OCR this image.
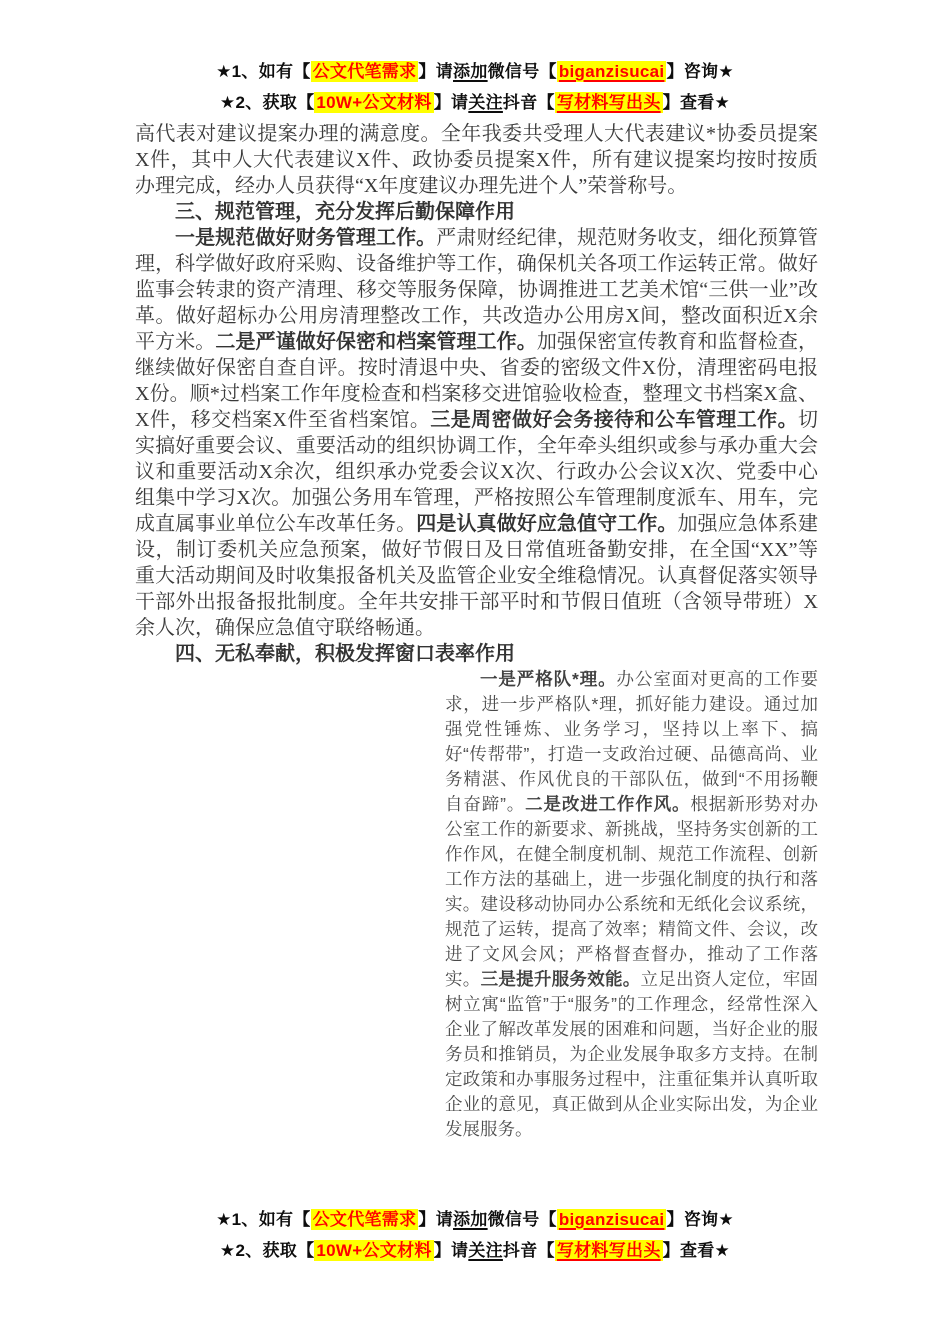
★1、如有【 公文代笔需求 】请添加微信号【 biganzisucai 】咨询★
★2、获取【 10W+公文材料 】请关注抖音【 写材料写出头 】查看★

高代表对建议提案办理的满意度。全年我委共受理人大代表建议*协委员提案X件，其中人大代表建议X件、政协委员提案X件，所有建议提案均按时按质办理完成，经办人员获得“X年度建议办理先进个人”荣誉称号。

三、规范管理，充分发挥后勤保障作用

一是规范做好财务管理工作。严肃财经纪律，规范财务收支，细化预算管理，科学做好政府采购、设备维护等工作，确保机关各项工作运转正常。做好监事会转隶的资产清理、移交等服务保障，协调推进工艺美术馆“三供一业”改革。做好超标办公用房清理整改工作，共改造办公用房X间，整改面积近X余平方米。二是严谨做好保密和档案管理工作。加强保密宣传教育和监督检查，继续做好保密自查自评。按时清退中央、省委的密级文件X份，清理密码电报X份。顺*过档案工作年度检查和档案移交进馆验收检查，整理文书档案X盒、X件，移交档案X件至省档案馆。三是周密做好会务接待和公车管理工作。切实搞好重要会议、重要活动的组织协调工作，全年牵头组织或参与承办重大会议和重要活动X余次，组织承办党委会议X次、行政办公会议X次、党委中心组集中学习X次。加强公务用车管理，严格按照公车管理制度派车、用车，完成直属事业单位公车改革任务。四是认真做好应急值守工作。加强应急体系建设，制订委机关应急预案，做好节假日及日常值班备勤安排，在全国“XX”等重大活动期间及时收集报备机关及监管企业安全维稳情况。认真督促落实领导干部外出报备报批制度。全年共安排干部平时和节假日值班（含领导带班）X余人次，确保应急值守联络畅通。

四、无私奉献，积极发挥窗口表率作用

一是严格队*理。办公室面对更高的工作要求，进一步严格队*理，抓好能力建设。通过加强党性锤炼、业务学习，坚持以上率下、搞好“传帮带”，打造一支政治过硬、品德高尚、业务精湛、作风优良的干部队伍，做到“不用扬鞭自奋蹄”。二是改进工作作风。根据新形势对办公室工作的新要求、新挑战，坚持务实创新的工作作风，在健全制度机制、规范工作流程、创新工作方法的基础上，进一步强化制度的执行和落实。建设移动协同办公系统和无纸化会议系统，规范了运转，提高了效率；精简文件、会议，改进了文风会风；严格督查督办，推动了工作落实。三是提升服务效能。立足出资人定位，牢固树立寓“监管”于“服务”的工作理念，经常性深入企业了解改革发展的困难和问题，当好企业的服务员和推销员，为企业发展争取多方支持。在制定政策和办事服务过程中，注重征集并认真听取企业的意见，真正做到从企业实际出发，为企业发展服务。

★1、如有【 公文代笔需求 】请添加微信号【 biganzisucai 】咨询★
★2、获取【 10W+公文材料 】请关注抖音【 写材料写出头 】查看★
